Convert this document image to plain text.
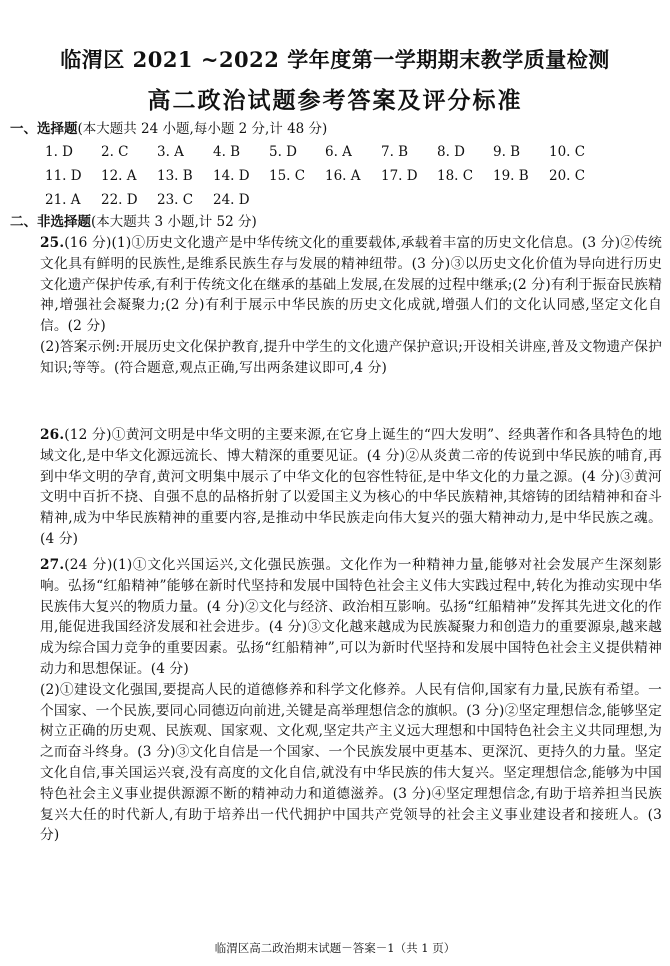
临渭区 2021 ~2022 学年度第一学期期末教学质量检测
高二政治试题参考答案及评分标准
一、选择题(本大题共 24 小题,每小题 2 分,计 48 分)
1. D	2. C	3. A	4. B	5. D	6. A	7. B	8. D	9. B	10. C
11. D	12. A	13. B	14. D	15. C	16. A	17. D	18. C	19. B	20. C
21. A	22. D	23. C	24. D
二、非选择题(本大题共 3 小题,计 52 分)

25.(16 分)(1)①历史文化遗产是中华传统文化的重要载体,承载着丰富的历史文化信息。(3 分)②传统文化具有鲜明的民族性,是维系民族生存与发展的精神纽带。(3 分)③以历史文化价值为导向进行历史文化遗产保护传承,有利于传统文化在继承的基础上发展,在发展的过程中继承;(2 分)有利于振奋民族精神,增强社会凝聚力;(2 分)有利于展示中华民族的历史文化成就,增强人们的文化认同感,坚定文化自信。(2 分)

(2)答案示例:开展历史文化保护教育,提升中学生的文化遗产保护意识;开设相关讲座,普及文物遗产保护知识;等等。(符合题意,观点正确,写出两条建议即可,4 分)

26.(12 分)①黄河文明是中华文明的主要来源,在它身上诞生的“四大发明”、经典著作和各具特色的地域文化,是中华文化源远流长、博大精深的重要见证。(4 分)②从炎黄二帝的传说到中华民族的哺育,再到中华文明的孕育,黄河文明集中展示了中华文化的包容性特征,是中华文化的力量之源。(4 分)③黄河文明中百折不挠、自强不息的品格折射了以爱国主义为核心的中华民族精神,其熔铸的团结精神和奋斗精神,成为中华民族精神的重要内容,是推动中华民族走向伟大复兴的强大精神动力,是中华民族之魂。(4 分)

27.(24 分)(1)①文化兴国运兴,文化强民族强。文化作为一种精神力量,能够对社会发展产生深刻影响。弘扬“红船精神”能够在新时代坚持和发展中国特色社会主义伟大实践过程中,转化为推动实现中华民族伟大复兴的物质力量。(4 分)②文化与经济、政治相互影响。弘扬“红船精神”发挥其先进文化的作用,能促进我国经济发展和社会进步。(4 分)③文化越来越成为民族凝聚力和创造力的重要源泉,越来越成为综合国力竞争的重要因素。弘扬“红船精神”,可以为新时代坚持和发展中国特色社会主义提供精神动力和思想保证。(4 分)

(2)①建设文化强国,要提高人民的道德修养和科学文化修养。人民有信仰,国家有力量,民族有希望。一个国家、一个民族,要同心同德迈向前进,关键是高举理想信念的旗帜。(3 分)②坚定理想信念,能够坚定树立正确的历史观、民族观、国家观、文化观,坚定共产主义远大理想和中国特色社会主义共同理想,为之而奋斗终身。(3 分)③文化自信是一个国家、一个民族发展中更基本、更深沉、更持久的力量。坚定文化自信,事关国运兴衰,没有高度的文化自信,就没有中华民族的伟大复兴。坚定理想信念,能够为中国特色社会主义事业提供源源不断的精神动力和道德滋养。(3 分)④坚定理想信念,有助于培养担当民族复兴大任的时代新人,有助于培养出一代代拥护中国共产党领导的社会主义事业建设者和接班人。(3 分)

临渭区高二政治期末试题－答案－1（共 1 页）
